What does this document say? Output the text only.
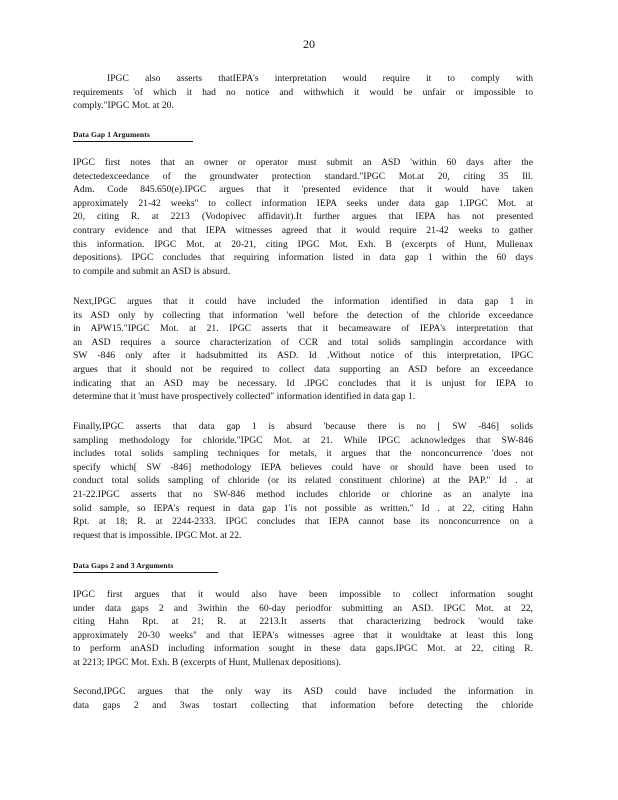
20
IPGC also asserts thatIEPA's interpretation would require it to comply with
requirements 'of which it had no notice and withwhich it would be unfair or impossible to
comply."IPGC Mot. at 20.
Data Gap 1 Arguments
IPGC first notes that an owner or operator must submit an ASD 'within 60 days after the
detectedexceedance of the groundwater protection standard."IPGC Mot.at 20, citing 35 Ill.
Adm. Code 845.650(e).IPGC argues that it 'presented evidence that it would have taken
approximately 21-42 weeks" to collect information IEPA seeks under data gap 1.IPGC Mot. at
20, citing R. at 2213 (Vodopivec affidavit).It further argues that IEPA has not presented
contrary evidence and that IEPA witnesses agreed that it would require 21-42 weeks to gather
this information. IPGC Mot. at 20-21, citing IPGC Mot. Exh. B (excerpts of Hunt, Mullenax
depositions). IPGC concludes that requiring information listed in data gap 1 within the 60 days
to compile and submit an ASD is absurd.
Next,IPGC argues that it could have included the information identified in data gap 1 in
its ASD only by collecting that information 'well before the detection of the chloride exceedance
in APW15."IPGC Mot. at 21. IPGC asserts that it becameaware of IEPA's interpretation that
an ASD requires a source characterization of CCR and total solids samplingin accordance with
SW -846 only after it hadsubmitted its ASD. Id .Without notice of this interpretation, IPGC
argues that it should not be required to collect data supporting an ASD before an exceedance
indicating that an ASD may be necessary. Id .IPGC concludes that it is unjust for IEPA to
determine that it 'must have prospectively collected" information identified in data gap 1.
Finally,IPGC asserts that data gap 1 is absurd 'because there is no [ SW -846] solids
sampling methodology for chloride."IPGC Mot. at 21. While IPGC acknowledges that SW-846
includes total solids sampling techniques for metals, it argues that the nonconcurrence 'does not
specify which[ SW -846] methodology IEPA believes could have or should have been used to
conduct total solids sampling of chloride (or its related constituent chlorine) at the PAP." Id . at
21-22.IPGC asserts that no SW-846 method includes chloride or chlorine as an analyte ina
solid sample, so IEPA's request in data gap 1'is not possible as written." Id . at 22, citing Hahn
Rpt. at 18; R. at 2244-2333. IPGC concludes that IEPA cannot base its nonconcurrence on a
request that is impossible. IPGC Mot. at 22.
Data Gaps 2 and 3 Arguments
IPGC first argues that it would also have been impossible to collect information sought
under data gaps 2 and 3within the 60-day periodfor submitting an ASD. IPGC Mot. at 22,
citing Hahn Rpt. at 21; R. at 2213.It asserts that characterizing bedrock 'would take
approximately 20-30 weeks" and that IEPA's witnesses agree that it wouldtake at least this long
to perform anASD including information sought in these data gaps.IPGC Mot. at 22, citing R.
at 2213; IPGC Mot. Exh. B (excerpts of Hunt, Mullenax depositions).
Second,IPGC argues that the only way its ASD could have included the information in
data gaps 2 and 3was tostart collecting that information before detecting the chloride
